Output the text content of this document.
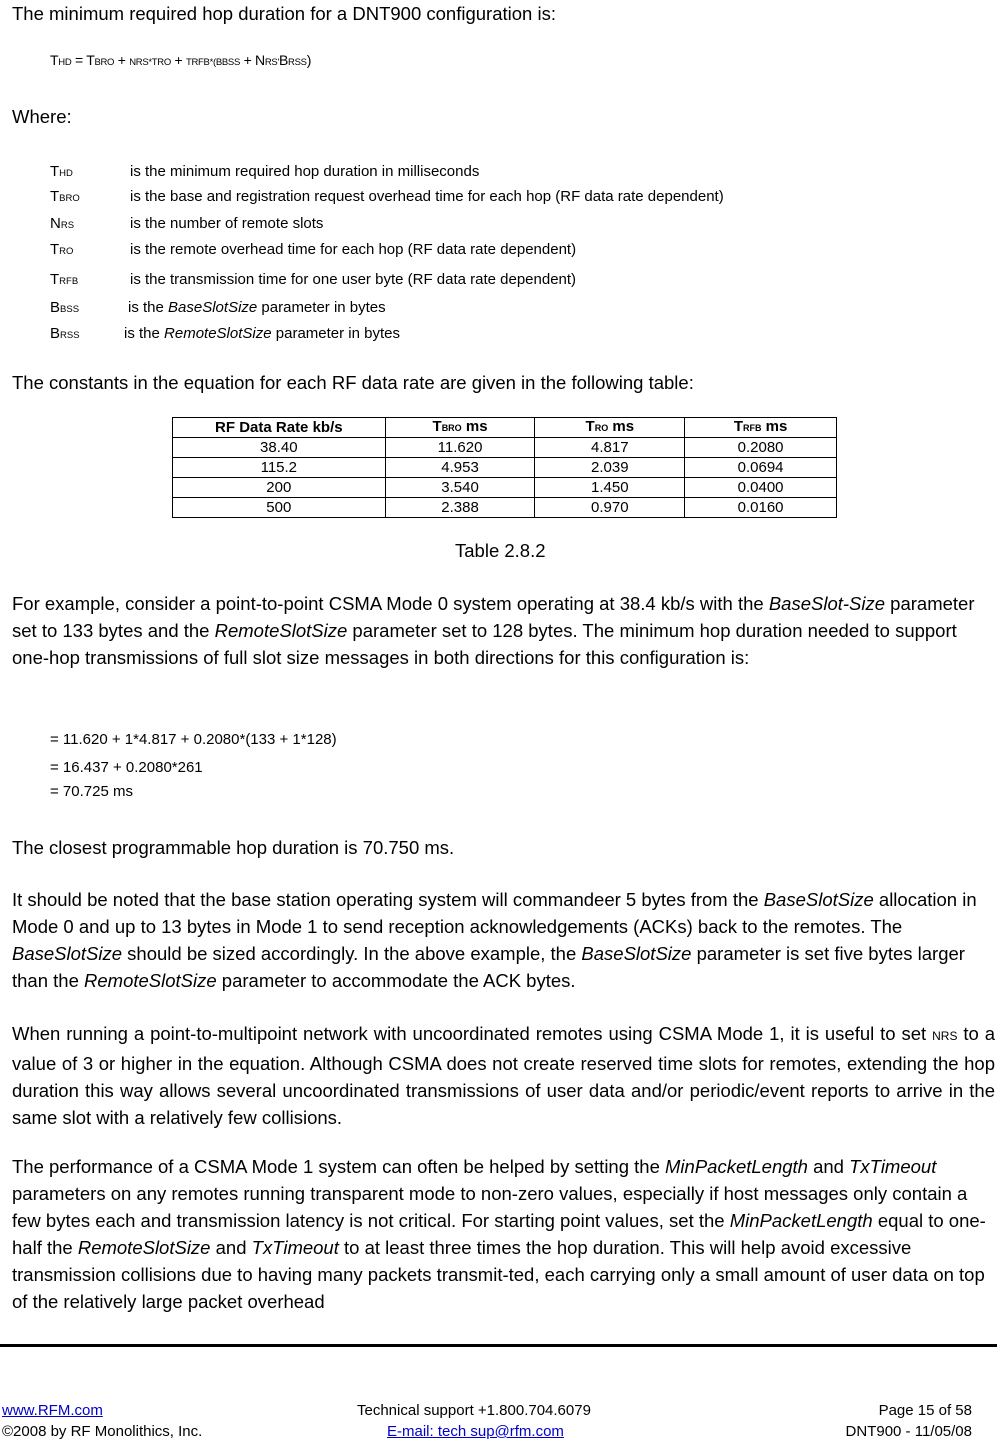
The minimum required hop duration for a DNT900 configuration is:
THD = TBRO + NRS*TRO + TRFB*(BBSS + NRS'BRSS)
Where:
THD	is the minimum required hop duration in milliseconds
TBRO	is the base and registration request overhead time for each hop (RF data rate dependent)
NRS	is the number of remote slots
TRO	is the remote overhead time for each hop (RF data rate dependent)
TRFB	is the transmission time for one user byte (RF data rate dependent)
BBSS	is the BaseSlotSize parameter in bytes
BRSS	is the RemoteSlotSize parameter in bytes
The constants in the equation for each RF data rate are given in the following table:
RF Data Rate kb/s	TBRO ms	TRO ms	TRFB ms
38.40	11.620	4.817	0.2080
115.2	4.953	2.039	0.0694
200	3.540	1.450	0.0400
500	2.388	0.970	0.0160
Table 2.8.2
For example, consider a point-to-point CSMA Mode 0 system operating at 38.4 kb/s with the BaseSlot-Size parameter set to 133 bytes and the RemoteSlotSize parameter set to 128 bytes. The minimum hop duration needed to support one-hop transmissions of full slot size messages in both directions for this configuration is:
= 11.620 + 1*4.817 + 0.2080*(133 + 1*128)
= 16.437 + 0.2080*261
= 70.725 ms
The closest programmable hop duration is 70.750 ms.
It should be noted that the base station operating system will commandeer 5 bytes from the BaseSlotSize allocation in Mode 0 and up to 13 bytes in Mode 1 to send reception acknowledgements (ACKs) back to the remotes. The BaseSlotSize should be sized accordingly. In the above example, the BaseSlotSize parameter is set five bytes larger than the RemoteSlotSize parameter to accommodate the ACK bytes.
When running a point-to-multipoint network with uncoordinated remotes using CSMA Mode 1, it is useful to set NRS to a value of 3 or higher in the equation. Although CSMA does not create reserved time slots for remotes, extending the hop duration this way allows several uncoordinated transmissions of user data and/or periodic/event reports to arrive in the same slot with a relatively few collisions.
The performance of a CSMA Mode 1 system can often be helped by setting the MinPacketLength and TxTimeout parameters on any remotes running transparent mode to non-zero values, especially if host messages only contain a few bytes each and transmission latency is not critical. For starting point values, set the MinPacketLength equal to one-half the RemoteSlotSize and TxTimeout to at least three times the hop duration. This will help avoid excessive transmission collisions due to having many packets transmit-ted, each carrying only a small amount of user data on top of the relatively large packet overhead
www.RFM.com
©2008 by RF Monolithics, Inc.
Technical support +1.800.704.6079
E-mail: tech sup@rfm.com
Page 15 of 58
DNT900 - 11/05/08
